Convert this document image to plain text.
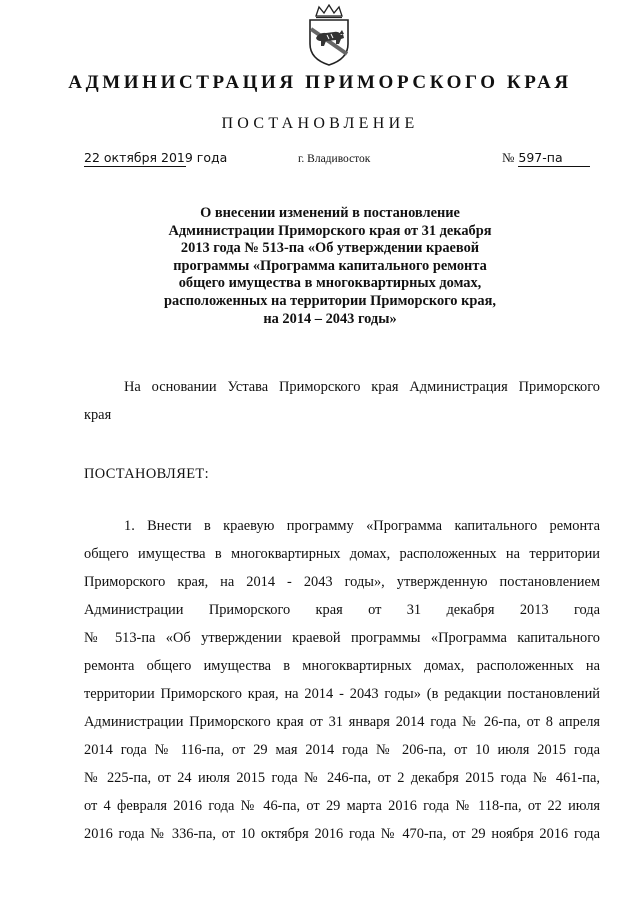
АДМИНИСТРАЦИЯ ПРИМОРСКОГО КРАЯ
ПОСТАНОВЛЕНИЕ
22 октября 2019 года	г. Владивосток	№ 597-па
О внесении изменений в постановление
Администрации Приморского края от 31 декабря
2013 года № 513-па «Об утверждении краевой
программы «Программа капитального ремонта
общего имущества в многоквартирных домах,
расположенных на территории Приморского края,
на 2014 – 2043 годы»
На основании Устава Приморского края Администрация Приморского
края
ПОСТАНОВЛЯЕТ:
1. Внести в краевую программу «Программа капитального ремонта
общего имущества в многоквартирных домах, расположенных на территории
Приморского края, на 2014 - 2043 годы», утвержденную постановлением
Администрации Приморского края от 31 декабря 2013 года
№ 513-па «Об утверждении краевой программы «Программа капитального
ремонта общего имущества в многоквартирных домах, расположенных на
территории Приморского края, на 2014 - 2043 годы» (в редакции постановлений
Администрации Приморского края от 31 января 2014 года № 26-па, от 8 апреля
2014 года № 116-па, от 29 мая 2014 года № 206-па, от 10 июля 2015 года
№ 225-па, от 24 июля 2015 года № 246-па, от 2 декабря 2015 года № 461-па,
от 4 февраля 2016 года № 46-па, от 29 марта 2016 года № 118-па, от 22 июля
2016 года № 336-па, от 10 октября 2016 года № 470-па, от 29 ноября 2016 года
